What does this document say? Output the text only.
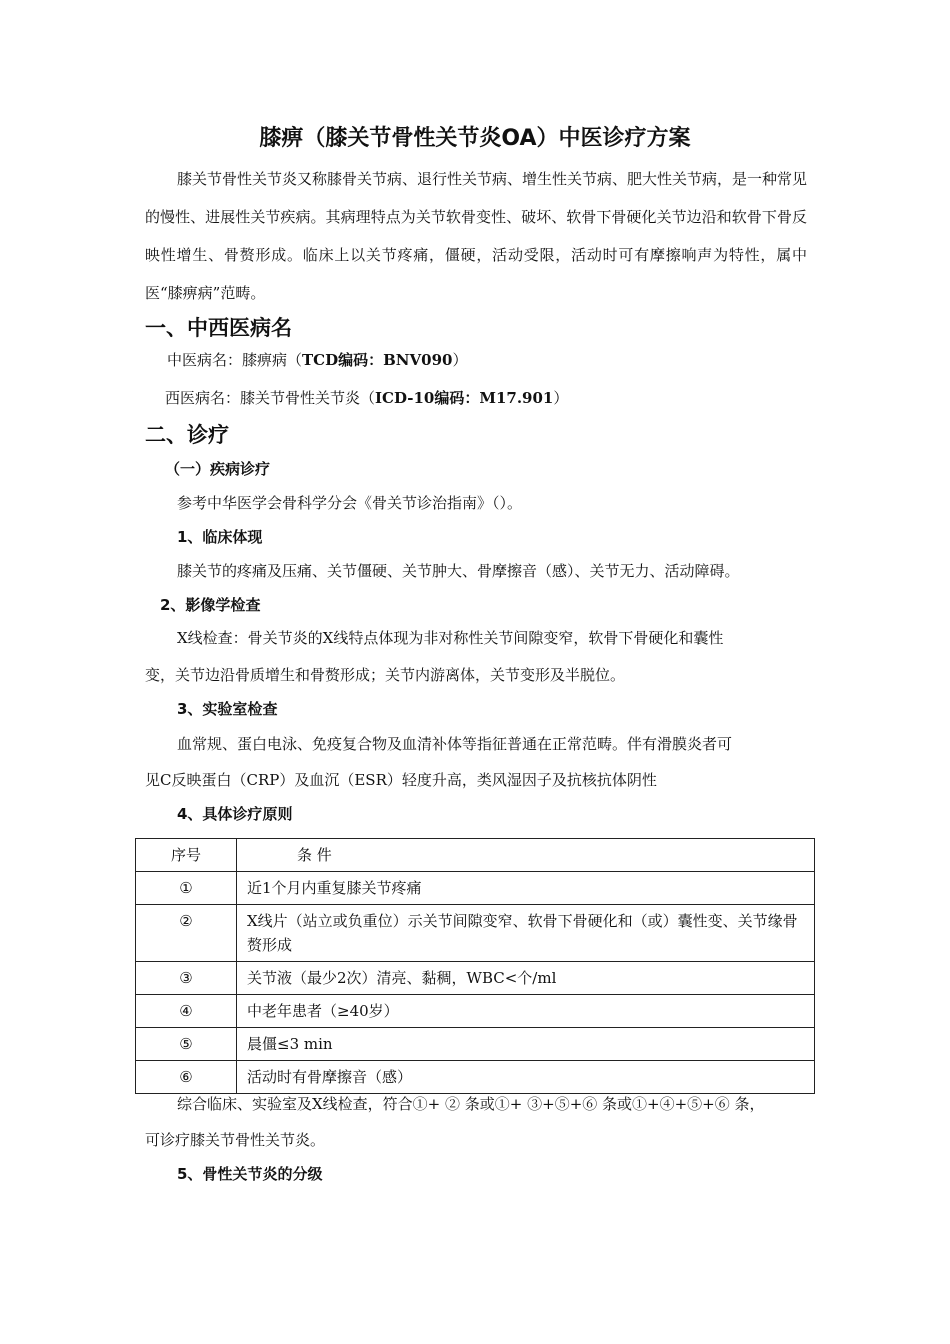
膝痹（膝关节骨性关节炎OA）中医诊疗方案
膝关节骨性关节炎又称膝骨关节病、退行性关节病、增生性关节病、肥大性关节病，是一种常见的慢性、进展性关节疾病。其病理特点为关节软骨变性、破坏、软骨下骨硬化关节边沿和软骨下骨反映性增生、骨赘形成。临床上以关节疼痛，僵硬，活动受限，活动时可有摩擦响声为特性，属中医“膝痹病”范畴。
一、中西医病名
中医病名：膝痹病（TCD编码：BNV090）
西医病名：膝关节骨性关节炎（ICD-10编码：M17.901）
二、诊疗
（一）疾病诊疗
参考中华医学会骨科学分会《骨关节诊治指南》（）。
1、临床体现
膝关节的疼痛及压痛、关节僵硬、关节肿大、骨摩擦音（感）、关节无力、活动障碍。
2、影像学检查
X线检查：骨关节炎的X线特点体现为非对称性关节间隙变窄，软骨下骨硬化和囊性
变，关节边沿骨质增生和骨赘形成；关节内游离体，关节变形及半脱位。
3、实验室检查
血常规、蛋白电泳、免疫复合物及血清补体等指征普通在正常范畴。伴有滑膜炎者可
见C反映蛋白（CRP）及血沉（ESR）轻度升高，类风湿因子及抗核抗体阴性
4、具体诊疗原则
序号	条 件
①	近1个月内重复膝关节疼痛
②	X线片（站立或负重位）示关节间隙变窄、软骨下骨硬化和（或）囊性变、关节缘骨赘形成
③	关节液（最少2次）清亮、黏稠，WBC<个/ml
④	中老年患者（≥40岁）
⑤	晨僵≤3 min
⑥	活动时有骨摩擦音（感）
综合临床、实验室及X线检查，符合①+ ② 条或①+ ③+⑤+⑥ 条或①+④+⑤+⑥ 条，
可诊疗膝关节骨性关节炎。
5、骨性关节炎的分级
